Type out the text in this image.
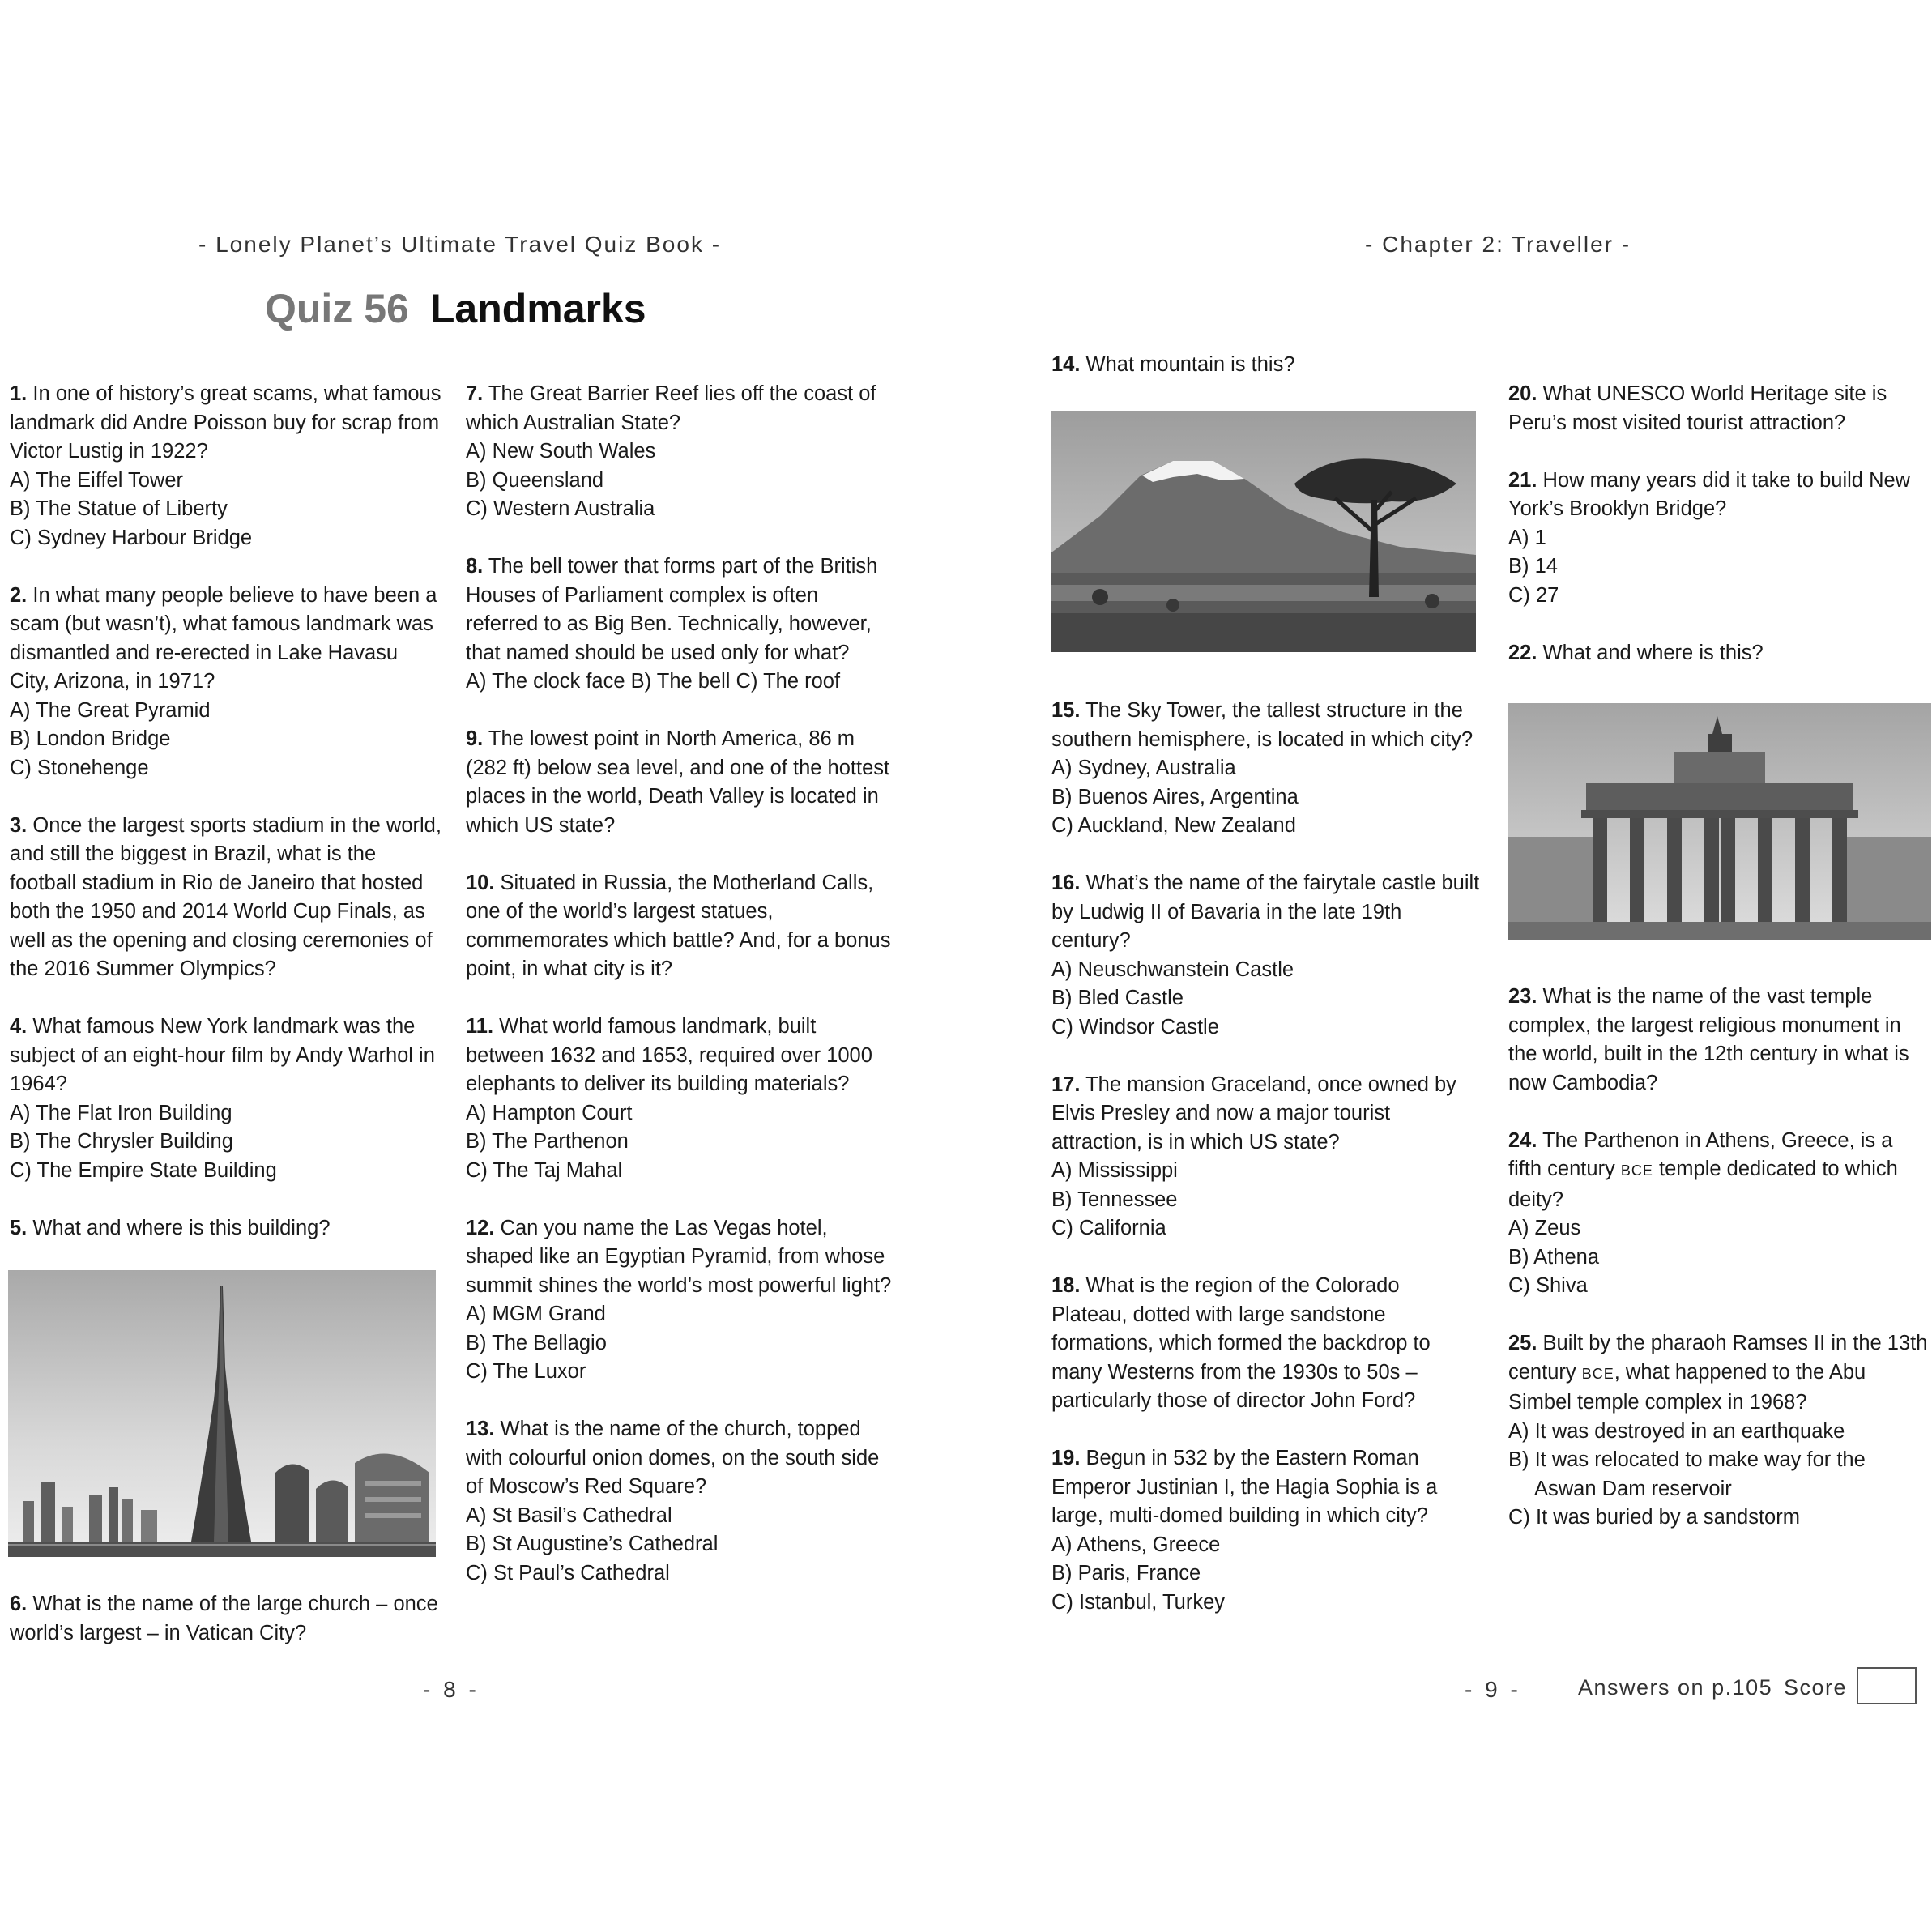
- Lonely Planet’s Ultimate Travel Quiz Book -
Quiz 56 Landmarks
1. In one of history’s great scams, what famous landmark did Andre Poisson buy for scrap from Victor Lustig in 1922?
A) The Eiffel Tower
B) The Statue of Liberty
C) Sydney Harbour Bridge
2. In what many people believe to have been a scam (but wasn’t), what famous landmark was dismantled and re-erected in Lake Havasu City, Arizona, in 1971?
A) The Great Pyramid
B) London Bridge
C) Stonehenge
3. Once the largest sports stadium in the world, and still the biggest in Brazil, what is the football stadium in Rio de Janeiro that hosted both the 1950 and 2014 World Cup Finals, as well as the opening and closing ceremonies of the 2016 Summer Olympics?
4. What famous New York landmark was the subject of an eight-hour film by Andy Warhol in 1964?
A) The Flat Iron Building
B) The Chrysler Building
C) The Empire State Building
5. What and where is this building?
6. What is the name of the large church – once world’s largest – in Vatican City?
7. The Great Barrier Reef lies off the coast of which Australian State?
A) New South Wales
B) Queensland
C) Western Australia
8. The bell tower that forms part of the British Houses of Parliament complex is often referred to as Big Ben. Technically, however, that named should be used only for what?
A) The clock face B) The bell C) The roof
9. The lowest point in North America, 86 m (282 ft) below sea level, and one of the hottest places in the world, Death Valley is located in which US state?
10. Situated in Russia, the Motherland Calls, one of the world’s largest statues, commemorates which battle? And, for a bonus point, in what city is it?
11. What world famous landmark, built between 1632 and 1653, required over 1000 elephants to deliver its building materials?
A) Hampton Court
B) The Parthenon
C) The Taj Mahal
12. Can you name the Las Vegas hotel, shaped like an Egyptian Pyramid, from whose summit shines the world’s most powerful light?
A) MGM Grand
B) The Bellagio
C) The Luxor
13. What is the name of the church, topped with colourful onion domes, on the south side of Moscow’s Red Square?
A) St Basil’s Cathedral
B) St Augustine’s Cathedral
C) St Paul’s Cathedral
- 8 -
- Chapter 2: Traveller -
14. What mountain is this?
15. The Sky Tower, the tallest structure in the southern hemisphere, is located in which city?
A) Sydney, Australia
B) Buenos Aires, Argentina
C) Auckland, New Zealand
16. What’s the name of the fairytale castle built by Ludwig II of Bavaria in the late 19th century?
A) Neuschwanstein Castle
B) Bled Castle
C) Windsor Castle
17. The mansion Graceland, once owned by Elvis Presley and now a major tourist attraction, is in which US state?
A) Mississippi
B) Tennessee
C) California
18. What is the region of the Colorado Plateau, dotted with large sandstone formations, which formed the backdrop to many Westerns from the 1930s to 50s – particularly those of director John Ford?
19. Begun in 532 by the Eastern Roman Emperor Justinian I, the Hagia Sophia is a large, multi-domed building in which city?
A) Athens, Greece
B) Paris, France
C) Istanbul, Turkey
20. What UNESCO World Heritage site is Peru’s most visited tourist attraction?
21. How many years did it take to build New York’s Brooklyn Bridge?
A) 1
B) 14
C) 27
22. What and where is this?
23. What is the name of the vast temple complex, the largest religious monument in the world, built in the 12th century in what is now Cambodia?
24. The Parthenon in Athens, Greece, is a fifth century BCE temple dedicated to which deity?
A) Zeus
B) Athena
C) Shiva
25. Built by the pharaoh Ramses II in the 13th century BCE, what happened to the Abu Simbel temple complex in 1968?
A) It was destroyed in an earthquake
B) It was relocated to make way for the Aswan Dam reservoir
C) It was buried by a sandstorm
- 9 -	Answers on p.105 Score
